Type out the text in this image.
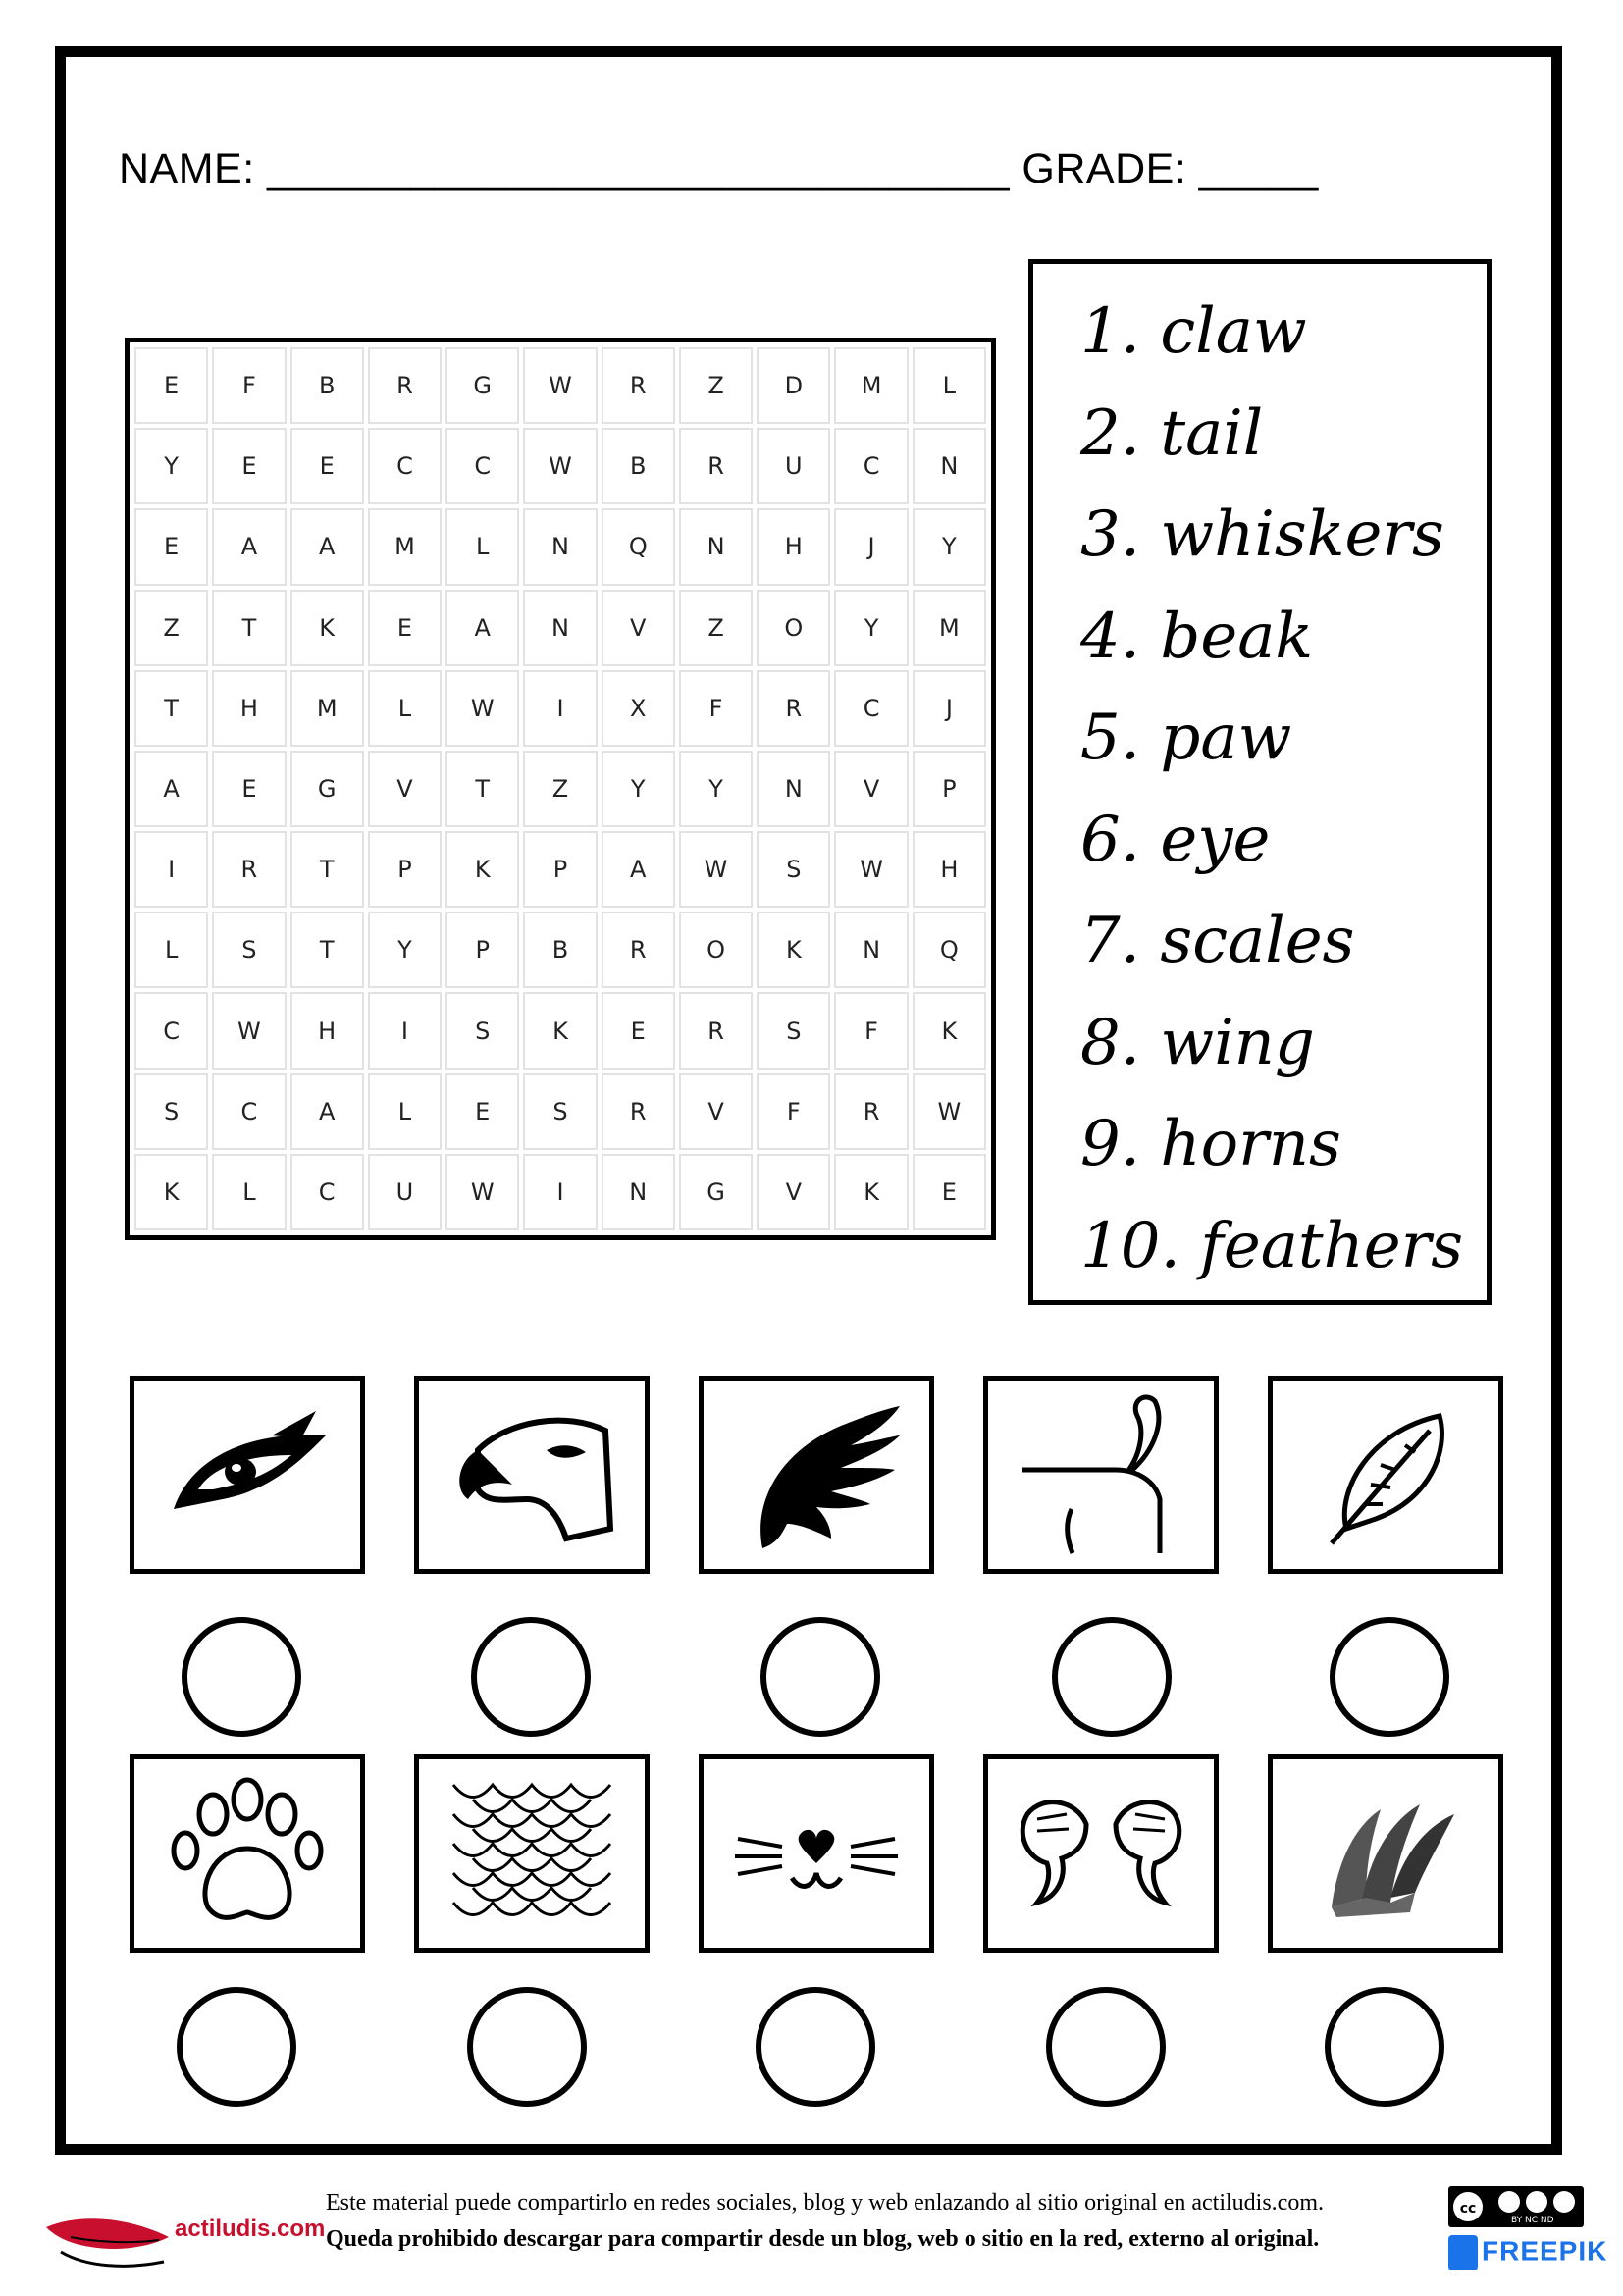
NAME: _______________________________ GRADE: _____
E	F	B	R	G	W	R	Z	D	M	L
Y	E	E	C	C	W	B	R	U	C	N
E	A	A	M	L	N	Q	N	H	J	Y
Z	T	K	E	A	N	V	Z	O	Y	M
T	H	M	L	W	I	X	F	R	C	J
A	E	G	V	T	Z	Y	Y	N	V	P
I	R	T	P	K	P	A	W	S	W	H
L	S	T	Y	P	B	R	O	K	N	Q
C	W	H	I	S	K	E	R	S	F	K
S	C	A	L	E	S	R	V	F	R	W
K	L	C	U	W	I	N	G	V	K	E
1. claw
2. tail
3. whiskers
4. beak
5. paw
6. eye
7. scales
8. wing
9. horns
10. feathers
actiludis.com
Este material puede compartirlo en redes sociales, blog y web enlazando al sitio original en actiludis.com.
Queda prohibido descargar para compartir desde un blog, web o sitio en la red, externo al original.
cc
BY NC ND
FREEPIK
